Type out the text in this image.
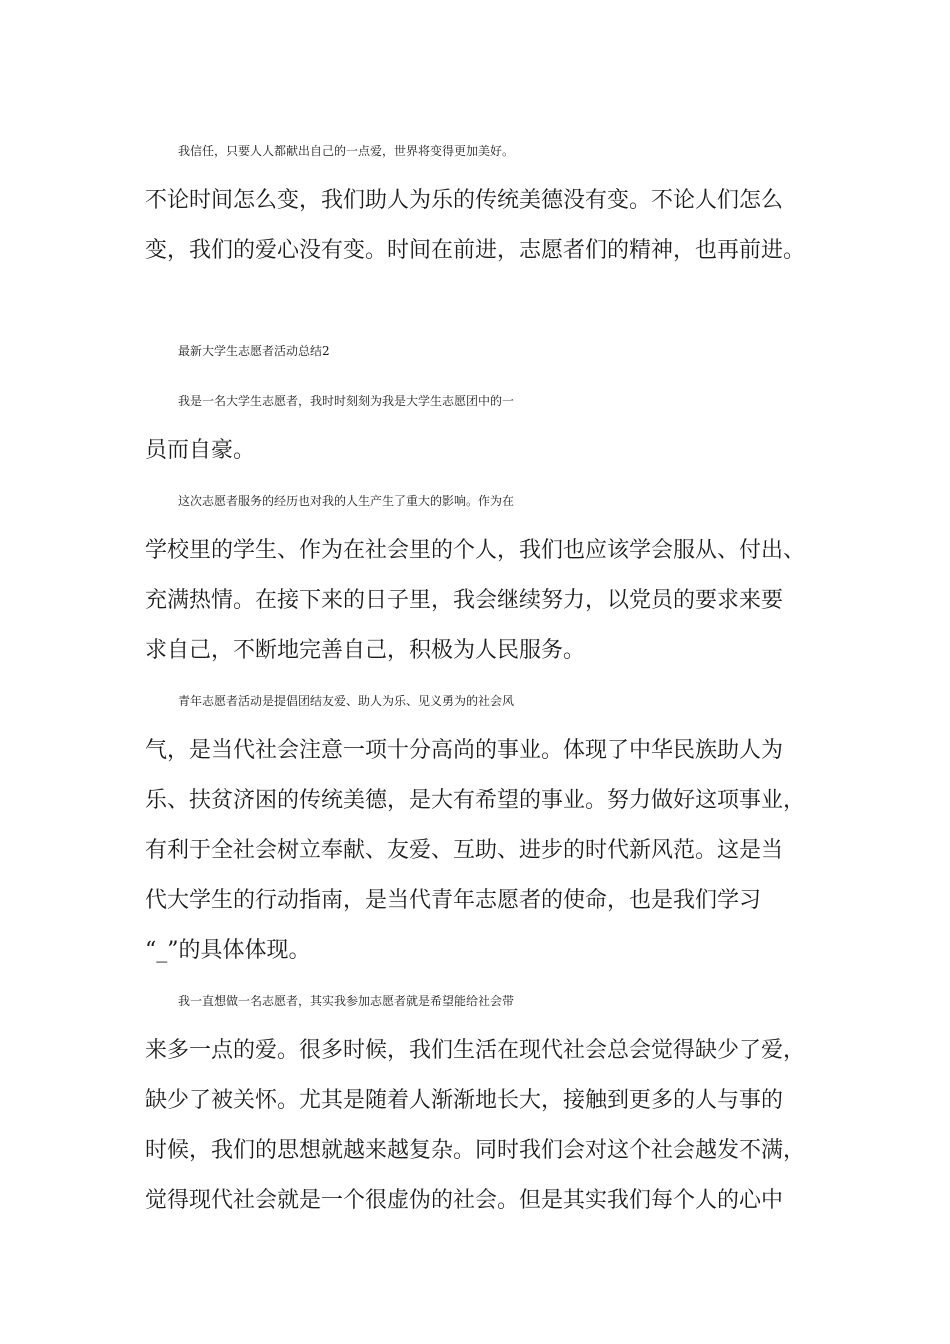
我信任，只要人人都献出自己的一点爱，世界将变得更加美好。

不论时间怎么变，我们助人为乐的传统美德没有变。不论人们怎么

变，我们的爱心没有变。时间在前进，志愿者们的精神，也再前进。

最新大学生志愿者活动总结2

我是一名大学生志愿者，我时时刻刻为我是大学生志愿团中的一

员而自豪。

这次志愿者服务的经历也对我的人生产生了重大的影响。作为在

学校里的学生、作为在社会里的个人，我们也应该学会服从、付出、

充满热情。在接下来的日子里，我会继续努力，以党员的要求来要

求自己，不断地完善自己，积极为人民服务。

青年志愿者活动是提倡团结友爱、助人为乐、见义勇为的社会风

气，是当代社会注意一项十分高尚的事业。体现了中华民族助人为

乐、扶贫济困的传统美德，是大有希望的事业。努力做好这项事业，

有利于全社会树立奉献、友爱、互助、进步的时代新风范。这是当

代大学生的行动指南，是当代青年志愿者的使命，也是我们学习

“_”的具体体现。

我一直想做一名志愿者，其实我参加志愿者就是希望能给社会带

来多一点的爱。很多时候，我们生活在现代社会总会觉得缺少了爱，

缺少了被关怀。尤其是随着人渐渐地长大，接触到更多的人与事的

时候，我们的思想就越来越复杂。同时我们会对这个社会越发不满，

觉得现代社会就是一个很虚伪的社会。但是其实我们每个人的心中
